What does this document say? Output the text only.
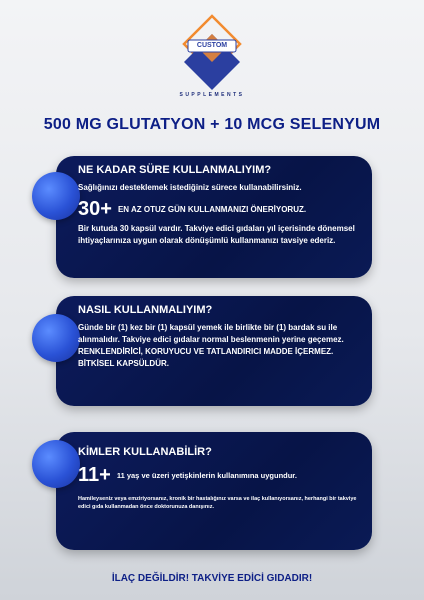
CUSTOM
SUPPLEMENTS
500 MG GLUTATYON + 10 MCG SELENYUM
NE KADAR SÜRE KULLANMALIYIM?
Sağlığınızı desteklemek istediğiniz sürece kullanabilirsiniz.
30+ EN AZ OTUZ GÜN KULLANMANIZI ÖNERİYORUZ.
Bir kutuda 30 kapsül vardır. Takviye edici gıdaları yıl içerisinde dönemsel ihtiyaçlarınıza uygun olarak dönüşümlü kullanmanızı tavsiye ederiz.
NASIL KULLANMALIYIM?
Günde bir (1) kez bir (1) kapsül yemek ile birlikte bir (1) bardak su ile alınmalıdır. Takviye edici gıdalar normal beslenmenin yerine geçemez.
RENKLENDİRİCİ, KORUYUCU VE TATLANDIRICI MADDE İÇERMEZ. BİTKİSEL KAPSÜLDÜR.
KİMLER KULLANABİLİR?
11+ 11 yaş ve üzeri yetişkinlerin kullanımına uygundur.
Hamileyseniz veya emziriyorsanız, kronik bir hastalığınız varsa ve ilaç kullanıyorsanız, herhangi bir takviye edici gıda kullanmadan önce doktorunuza danışınız.
İLAÇ DEĞİLDİR! TAKVİYE EDİCİ GIDADIR!
